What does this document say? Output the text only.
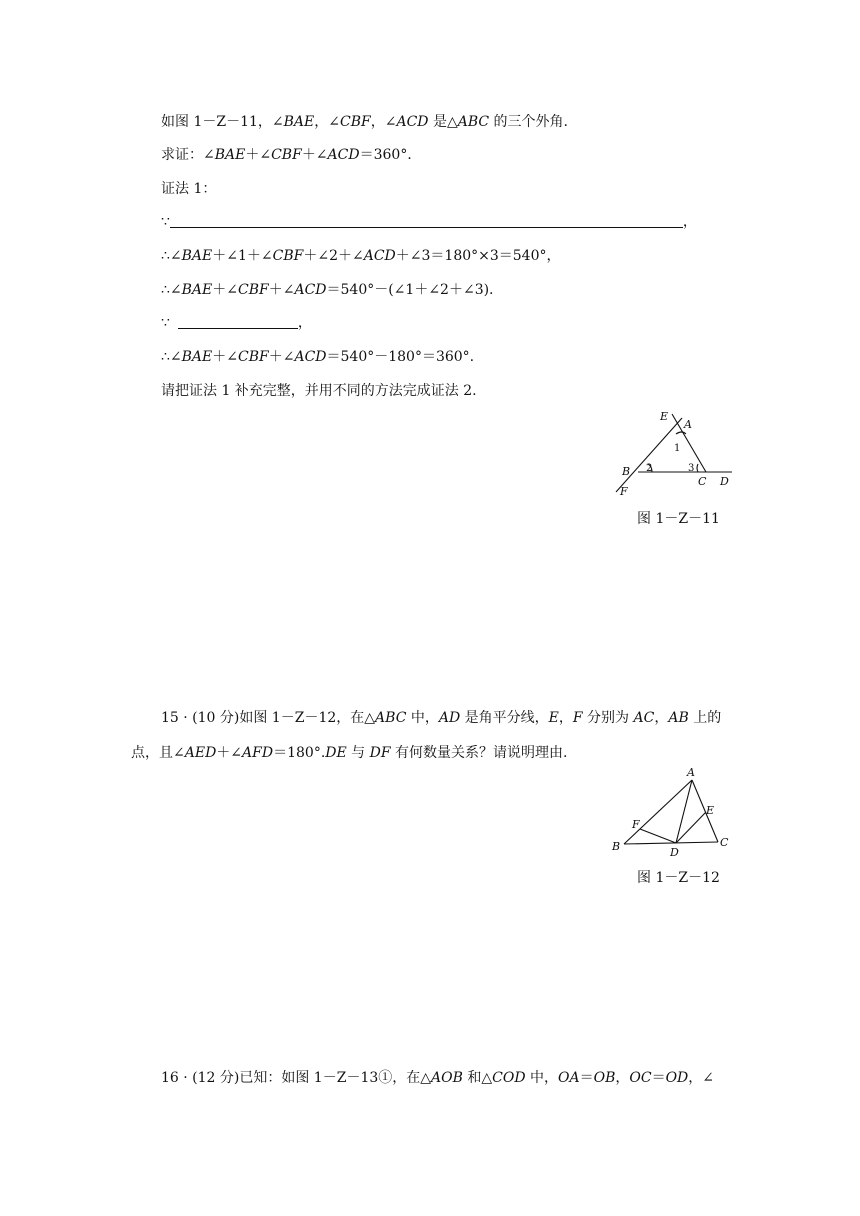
如图 1－Z－11，∠BAE，∠CBF，∠ACD 是△ABC 的三个外角.
求证：∠BAE＋∠CBF＋∠ACD＝360°．
证法 1：
∵	，
∴∠BAE＋∠1＋∠CBF＋∠2＋∠ACD＋∠3＝180°×3＝540°，
∴∠BAE＋∠CBF＋∠ACD＝540°－(∠1＋∠2＋∠3).
∵	，
∴∠BAE＋∠CBF＋∠ACD＝540°－180°＝360°.
请把证法 1 补充完整，并用不同的方法完成证法 2.
E
A
B
C D
F
1
2	3
图 1－Z－11
15 · (10 分)如图 1－Z－12，在△ABC 中，AD 是角平分线，E，F 分别为 AC，AB 上的
点，且∠AED＋∠AFD＝180°.DE 与 DF 有何数量关系？请说明理由.
A
E
F
B	D
C
图 1－Z－12
16 · (12 分)已知：如图 1－Z－13①，在△AOB 和△COD 中，OA＝OB，OC＝OD，∠
